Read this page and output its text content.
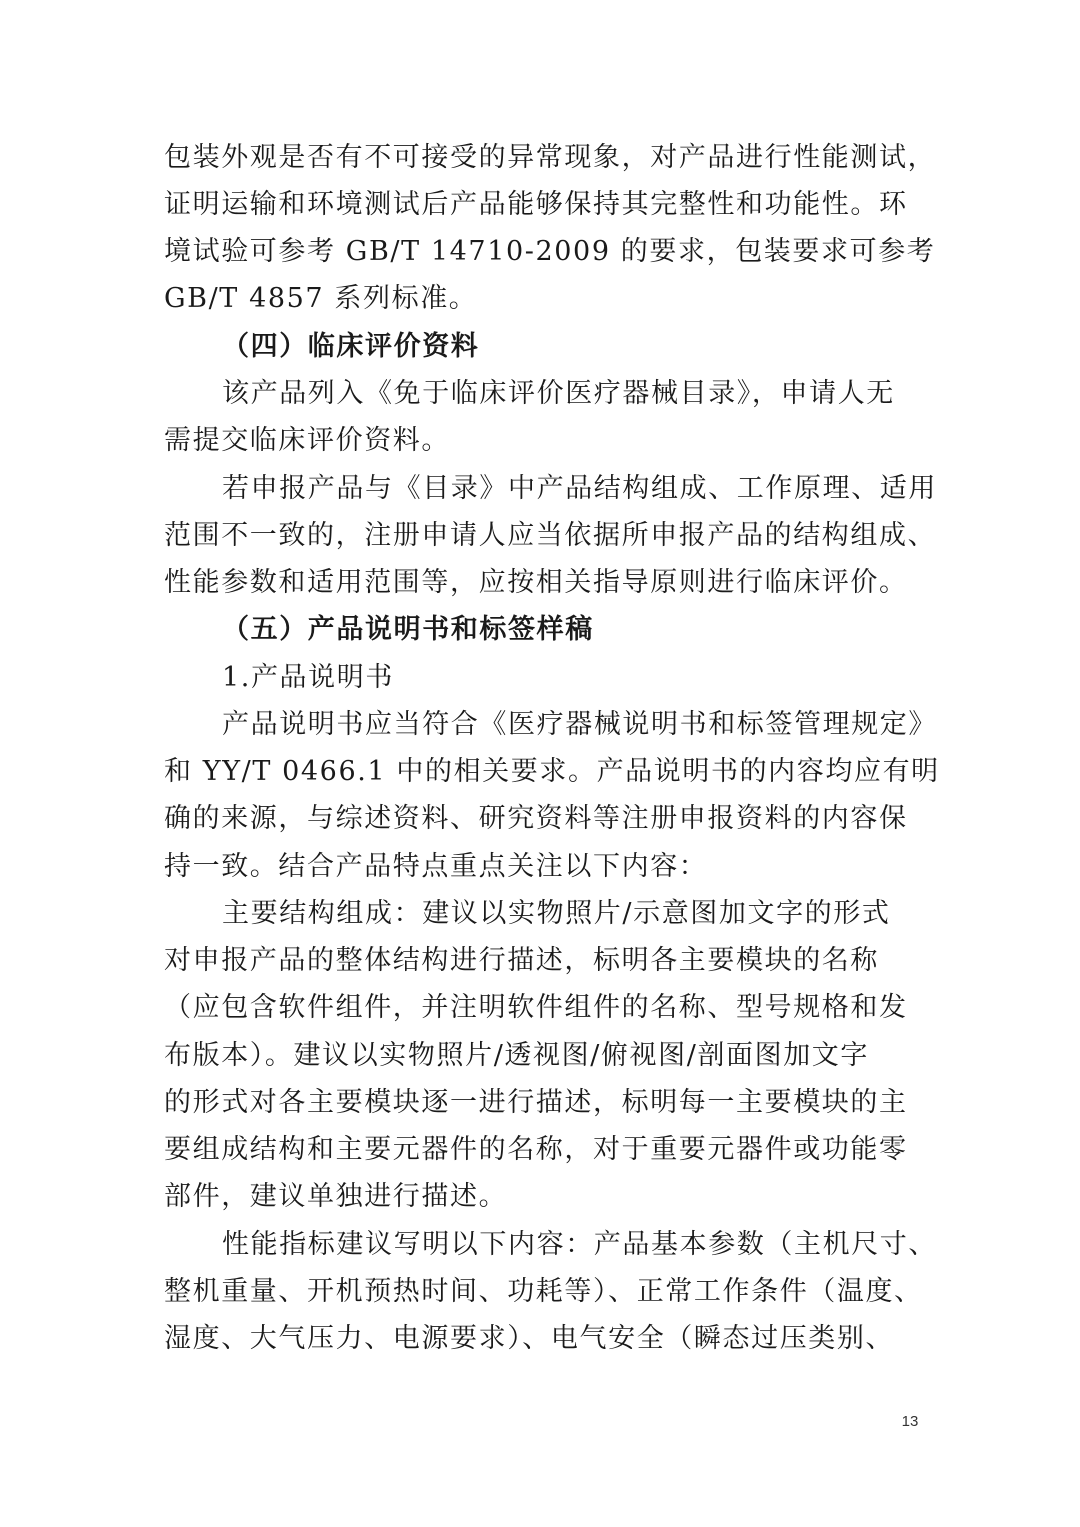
包装外观是否有不可接受的异常现象，对产品进行性能测试，
证明运输和环境测试后产品能够保持其完整性和功能性。环
境试验可参考 GB/T 14710-2009 的要求，包装要求可参考
GB/T 4857 系列标准。
（四）临床评价资料
该产品列入《免于临床评价医疗器械目录》，申请人无
需提交临床评价资料。
若申报产品与《目录》中产品结构组成、工作原理、适用
范围不一致的，注册申请人应当依据所申报产品的结构组成、
性能参数和适用范围等，应按相关指导原则进行临床评价。
（五）产品说明书和标签样稿
1.产品说明书
产品说明书应当符合《医疗器械说明书和标签管理规定》
和 YY/T 0466.1 中的相关要求。产品说明书的内容均应有明
确的来源，与综述资料、研究资料等注册申报资料的内容保
持一致。结合产品特点重点关注以下内容：
主要结构组成：建议以实物照片/示意图加文字的形式
对申报产品的整体结构进行描述，标明各主要模块的名称
（应包含软件组件，并注明软件组件的名称、型号规格和发
布版本）。建议以实物照片/透视图/俯视图/剖面图加文字
的形式对各主要模块逐一进行描述，标明每一主要模块的主
要组成结构和主要元器件的名称，对于重要元器件或功能零
部件，建议单独进行描述。
性能指标建议写明以下内容：产品基本参数（主机尺寸、
整机重量、开机预热时间、功耗等）、正常工作条件（温度、
湿度、大气压力、电源要求）、电气安全（瞬态过压类别、
13
